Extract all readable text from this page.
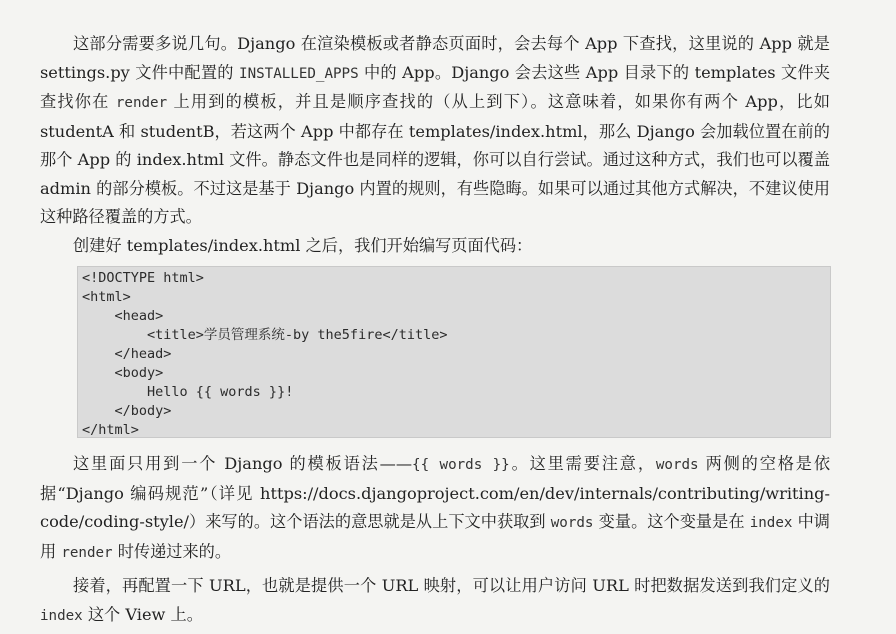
这部分需要多说几句。Django 在渲染模板或者静态页面时，会去每个 App 下查找，这里说的 App 就是 settings.py 文件中配置的 INSTALLED_APPS 中的 App。Django 会去这些 App 目录下的 templates 文件夹查找你在 render 上用到的模板，并且是顺序查找的（从上到下）。这意味着，如果你有两个 App，比如 studentA 和 studentB，若这两个 App 中都存在 templates/index.html，那么 Django 会加载位置在前的那个 App 的 index.html 文件。静态文件也是同样的逻辑，你可以自行尝试。通过这种方式，我们也可以覆盖 admin 的部分模板。不过这是基于 Django 内置的规则，有些隐晦。如果可以通过其他方式解决，不建议使用这种路径覆盖的方式。

创建好 templates/index.html 之后，我们开始编写页面代码：

<!DOCTYPE html>
<html>
<head>
<title>学员管理系统-by the5fire</title>
</head>
<body>
Hello {{ words }}!
</body>
</html>

这里面只用到一个 Django 的模板语法——{{ words }}。这里需要注意，words 两侧的空格是依据“Django 编码规范”（详见 https://docs.djangoproject.com/en/dev/internals/contributing/writing-code/coding-style/）来写的。这个语法的意思就是从上下文中获取到 words 变量。这个变量是在 index 中调用 render 时传递过来的。

接着，再配置一下 URL，也就是提供一个 URL 映射，可以让用户访问 URL 时把数据发送到我们定义的 index 这个 View 上。
